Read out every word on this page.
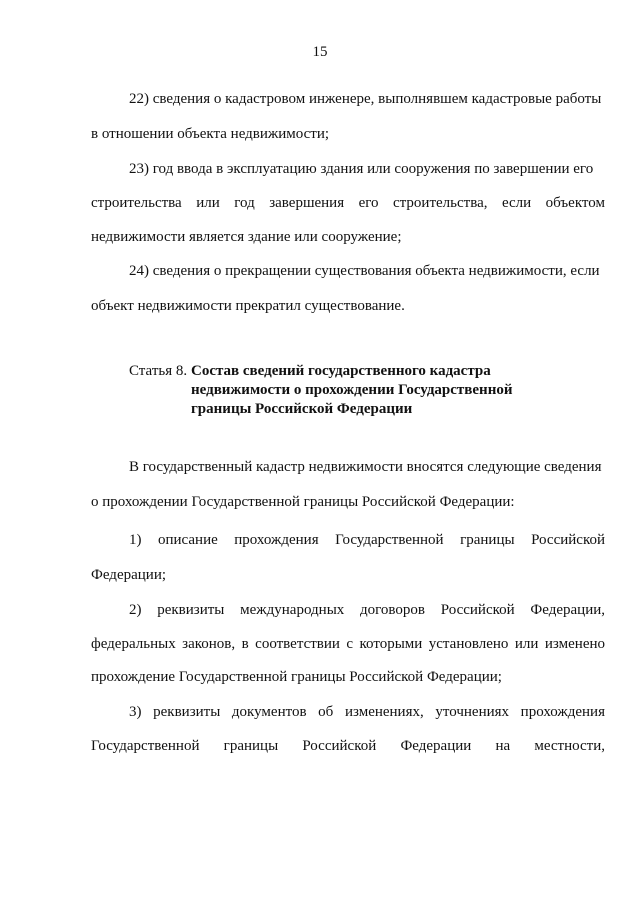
15
22) сведения о кадастровом инженере, выполнявшем кадастровые работы
в отношении объекта недвижимости;
23) год ввода в эксплуатацию здания или сооружения по завершении его
строительства или год завершения его строительства, если объектом
недвижимости является здание или сооружение;
24) сведения о прекращении существования объекта недвижимости, если
объект недвижимости прекратил существование.
Статья 8. Состав сведений государственного кадастра
недвижимости о прохождении Государственной
границы Российской Федерации
В государственный кадастр недвижимости вносятся следующие сведения
о прохождении Государственной границы Российской Федерации:
1) описание прохождения Государственной границы Российской
Федерации;
2) реквизиты международных договоров Российской Федерации,
федеральных законов, в соответствии с которыми установлено или изменено
прохождение Государственной границы Российской Федерации;
3) реквизиты документов об изменениях, уточнениях прохождения
Государственной границы Российской Федерации на местности,
